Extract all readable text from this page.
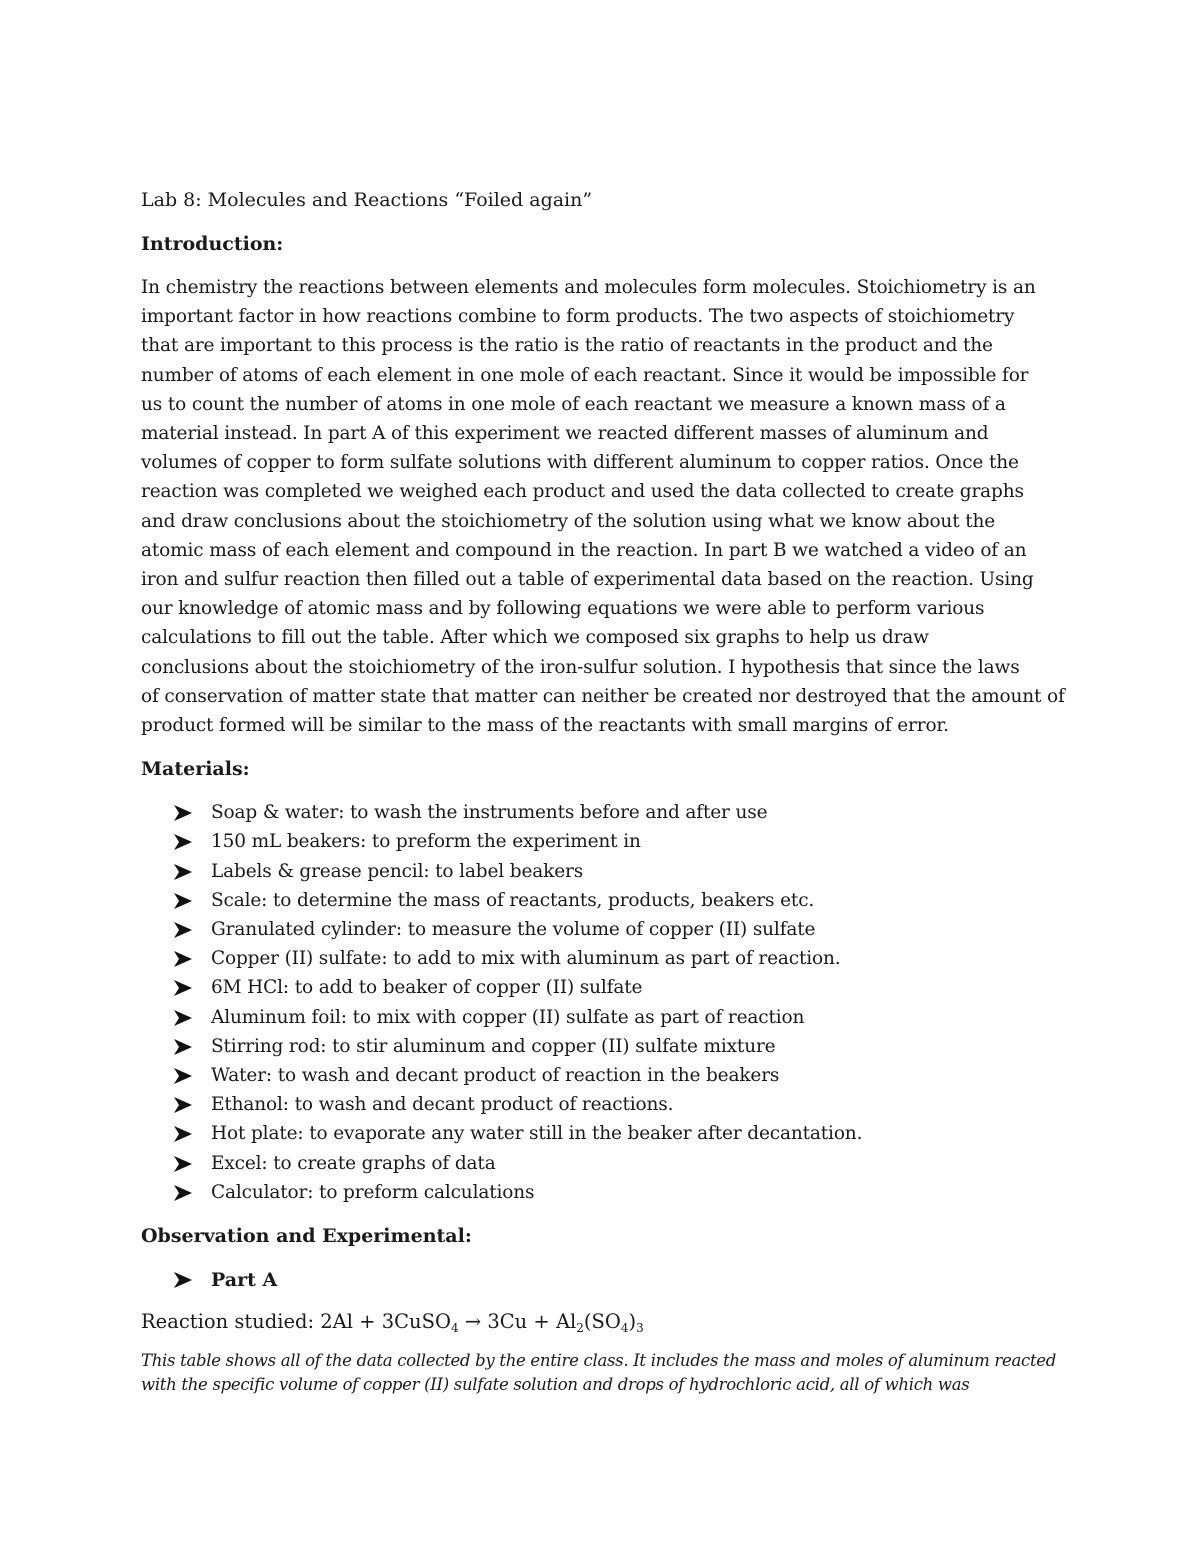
Lab 8: Molecules and Reactions “Foiled again”
Introduction:
In chemistry the reactions between elements and molecules form molecules. Stoichiometry is an
important factor in how reactions combine to form products. The two aspects of stoichiometry
that are important to this process is the ratio is the ratio of reactants in the product and the
number of atoms of each element in one mole of each reactant. Since it would be impossible for
us to count the number of atoms in one mole of each reactant we measure a known mass of a
material instead. In part A of this experiment we reacted different masses of aluminum and
volumes of copper to form sulfate solutions with different aluminum to copper ratios. Once the
reaction was completed we weighed each product and used the data collected to create graphs
and draw conclusions about the stoichiometry of the solution using what we know about the
atomic mass of each element and compound in the reaction. In part B we watched a video of an
iron and sulfur reaction then filled out a table of experimental data based on the reaction. Using
our knowledge of atomic mass and by following equations we were able to perform various
calculations to fill out the table. After which we composed six graphs to help us draw
conclusions about the stoichiometry of the iron-sulfur solution. I hypothesis that since the laws
of conservation of matter state that matter can neither be created nor destroyed that the amount of
product formed will be similar to the mass of the reactants with small margins of error.
Materials:
Soap & water: to wash the instruments before and after use
150 mL beakers: to preform the experiment in
Labels & grease pencil: to label beakers
Scale: to determine the mass of reactants, products, beakers etc.
Granulated cylinder: to measure the volume of copper (II) sulfate
Copper (II) sulfate: to add to mix with aluminum as part of reaction.
6M HCl: to add to beaker of copper (II) sulfate
Aluminum foil: to mix with copper (II) sulfate as part of reaction
Stirring rod: to stir aluminum and copper (II) sulfate mixture
Water: to wash and decant product of reaction in the beakers
Ethanol: to wash and decant product of reactions.
Hot plate: to evaporate any water still in the beaker after decantation.
Excel: to create graphs of data
Calculator: to preform calculations
Observation and Experimental:
Part A
Reaction studied: 2Al + 3CuSO$_4$ → $3Cu + Al_2(SO_4)_3$
This table shows all of the data collected by the entire class. It includes the mass and moles of aluminum reacted
with the specific volume of copper (II) sulfate solution and drops of hydrochloric acid, all of which was
